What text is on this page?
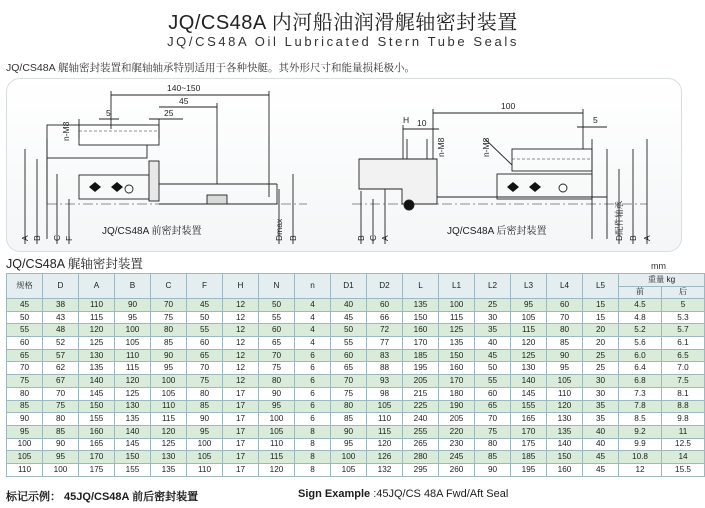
JQ/CS48A 内河船油润滑艉轴密封装置
JQ/CS48A Oil Lubricated Stern Tube Seals
JQ/CS48A 艉轴密封装置和艉轴轴承特别适用于各种快艇。其外形尺寸和能量损耗极小。
140~150
45
25
5
n-M8
A B C F	Dmax B
JQ/CS48A 前密封装置
100
H 10	5
n-M8	n-M8
B C A	D配件轴承 B A
JQ/CS48A 后密封装置
JQ/CS48A 艉轴密封装置	mm
规格	D	A	B	C	F	H	N	n	D1	D2	L	L1	L2	L3	L4	L5	重量 kg	
																	前	后
45	38	110	90	70	45	12	50	4	40	60	135	100	25	95	60	15	4.5	5
50	43	115	95	75	50	12	55	4	45	66	150	115	30	105	70	15	4.8	5.3
55	48	120	100	80	55	12	60	4	50	72	160	125	35	115	80	20	5.2	5.7
60	52	125	105	85	60	12	65	4	55	77	170	135	40	120	85	20	5.6	6.1
65	57	130	110	90	65	12	70	6	60	83	185	150	45	125	90	25	6.0	6.5
70	62	135	115	95	70	12	75	6	65	88	195	160	50	130	95	25	6.4	7.0
75	67	140	120	100	75	12	80	6	70	93	205	170	55	140	105	30	6.8	7.5
80	70	145	125	105	80	17	90	6	75	98	215	180	60	145	110	30	7.3	8.1
85	75	150	130	110	85	17	95	6	80	105	225	190	65	155	120	35	7.8	8.8
90	80	155	135	115	90	17	100	6	85	110	240	205	70	165	130	35	8.5	9.8
95	85	160	140	120	95	17	105	8	90	115	255	220	75	170	135	40	9.2	11
100	90	165	145	125	100	17	110	8	95	120	265	230	80	175	140	40	9.9	12.5
105	95	170	150	130	105	17	115	8	100	126	280	245	85	185	150	45	10.8	14
110	100	175	155	135	110	17	120	8	105	132	295	260	90	195	160	45	12	15.5
标记示例： 45JQ/CS48A 前后密封装置	Sign Example :45JQ/CS 48A Fwd/Aft Seal
